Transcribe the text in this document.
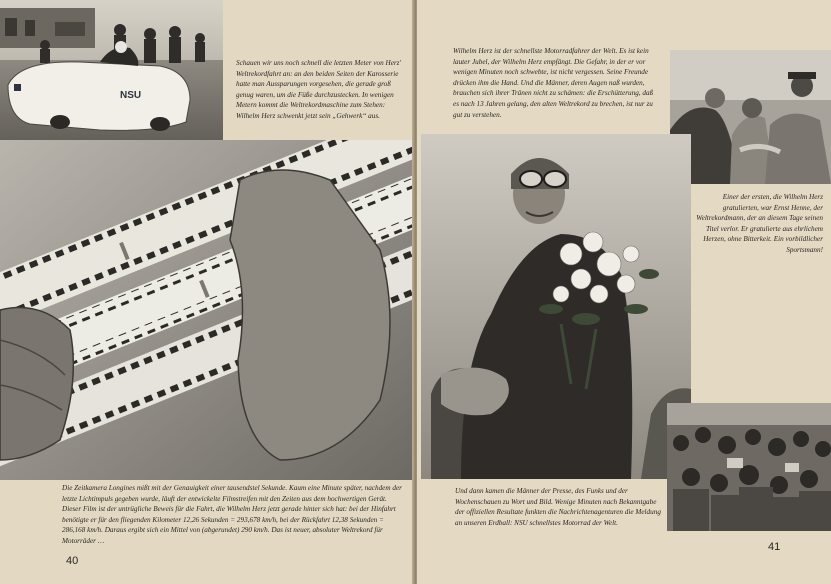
NSU

Schauen wir uns noch schnell die letzten Meter von Herz' Weltrekordfahrt an: an den beiden Seiten der Karosserie hatte man Aussparungen vorgesehen, die gerade groß genug waren, um die Füße durchzustecken. In wenigen Metern kommt die Weltrekordmaschine zum Stehen: Wilhelm Herz schwenkt jetzt sein „Gehwerk“ aus.

Die Zeitkamera Longines mißt mit der Genauigkeit einer tausendstel Sekunde. Kaum eine Minute später, nachdem der letzte Lichtimpuls gegeben wurde, läuft der entwickelte Filmstreifen mit den Zeiten aus dem hochwertigen Gerät. Dieser Film ist der untrügliche Beweis für die Fahrt, die Wilhelm Herz jetzt gerade hinter sich hat: bei der Hinfahrt benötigte er für den fliegenden Kilometer 12,26 Sekunden = 293,678 km/h, bei der Rückfahrt 12,38 Sekunden = 286,168 km/h. Daraus ergibt sich ein Mittel von (abgerundet) 290 km/h. Das ist neuer, absoluter Weltrekord für Motorräder …

40

Wilhelm Herz ist der schnellste Motorradfahrer der Welt. Es ist kein lauter Jubel, der Wilhelm Herz empfängt. Die Gefahr, in der er vor wenigen Minuten noch schwebte, ist nicht vergessen. Seine Freunde drücken ihm die Hand. Und die Männer, deren Augen naß wurden, brauchen sich ihrer Tränen nicht zu schämen: die Erschütterung, daß es nach 13 Jahren gelang, den alten Weltrekord zu brechen, ist nur zu gut zu verstehen.

Einer der ersten, die Wilhelm Herz gratulierten, war Ernst Henne, der Weltrekordmann, der an diesem Tage seinen Titel verlor. Er gratulierte aus ehrlichem Herzen, ohne Bitterkeit. Ein vorbildlicher Sportsmann!

Und dann kamen die Männer der Presse, des Funks und der Wochenschauen zu Wort und Bild. Wenige Minuten nach Bekanntgabe der offiziellen Resultate funkten die Nachrichtenagenturen die Meldung an unseren Erdball: NSU schnellstes Motorrad der Welt.

41
